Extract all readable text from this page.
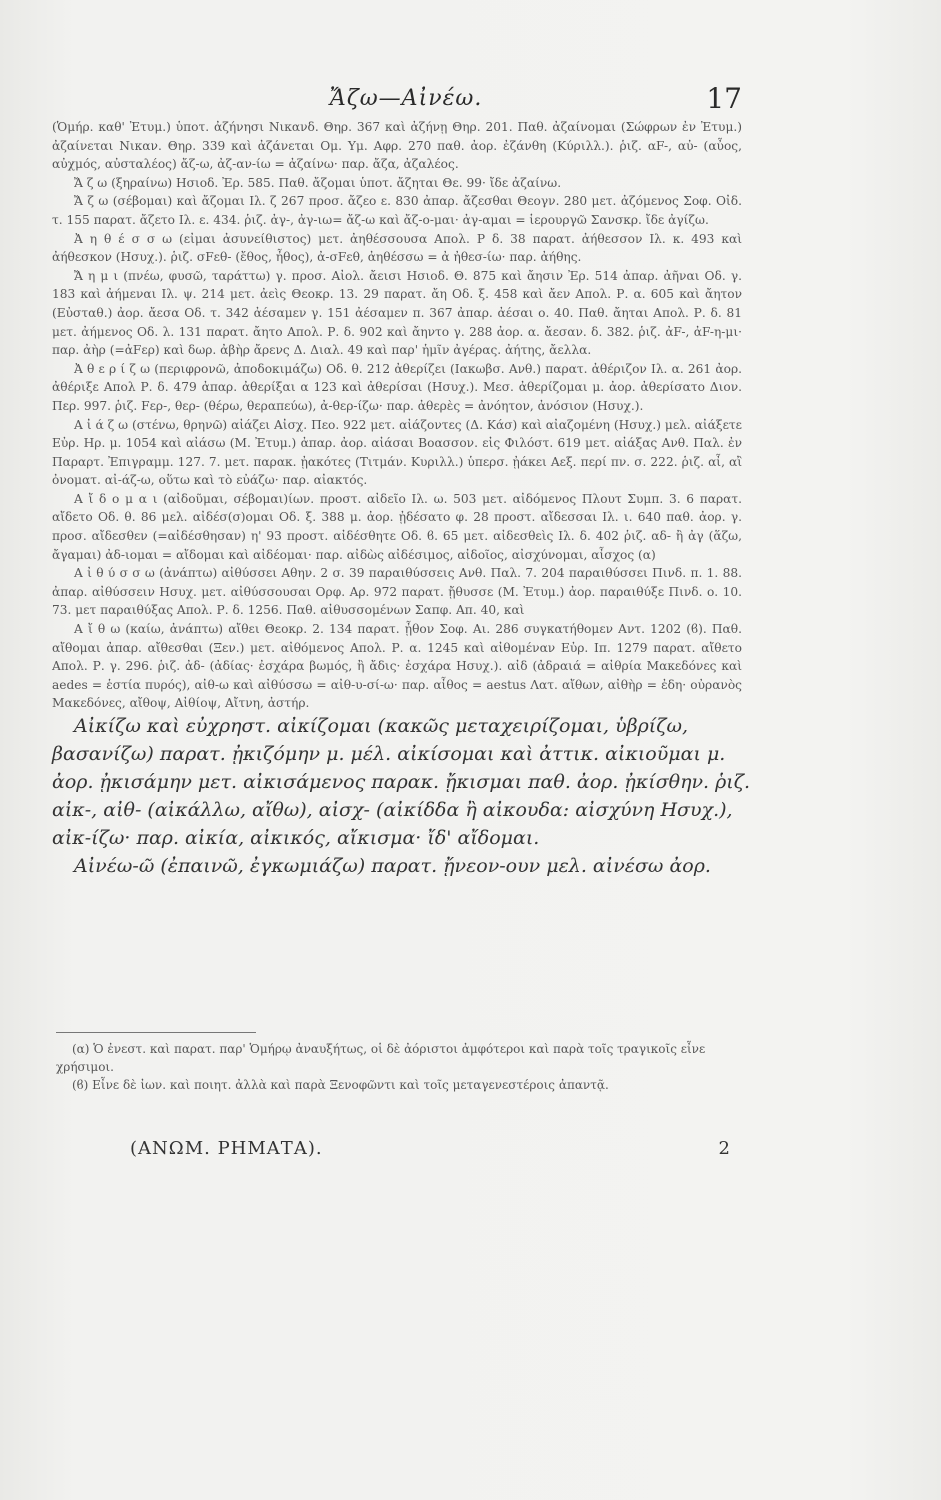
Ἄζω—Αἰνέω.	17

(Ὁμήρ. καθ' Ἐτυμ.) ὑποτ. ἀζήνησι Νικανδ. Θηρ. 367 καὶ ἀζήνῃ Θηρ. 201. Παθ. ἀζαίνομαι (Σώφρων ἐν Ἐτυμ.) ἀζαίνεται Νικαν. Θηρ. 339 καὶ ἀζάνεται Ομ. Υμ. Αφρ. 270 παθ. ἀορ. ἐζάνθη (Κύριλλ.). ῥιζ. αF-, αὐ- (αὖος, αὐχμός, αὐσταλέος) ἄζ-ω, ἀζ-αν-ίω = ἀζαίνω· παρ. ἄζα, ἀζαλέος.

Ἄ ζ ω (ξηραίνω) Ησιοδ. Ἐρ. 585. Παθ. ἄζομαι ὑποτ. ἄζηται Θε. 99· ἴδε ἀζαίνω.

Ἄ ζ ω (σέβομαι) καὶ ἄζομαι Ιλ. ζ 267 προσ. ἄζεο ε. 830 ἀπαρ. ἄζεσθαι Θεογν. 280 μετ. ἀζόμενος Σοφ. Οἰδ. τ. 155 παρατ. ἄζετο Ιλ. ε. 434. ῥιζ. ἀγ-, ἀγ-ιω= ἄζ-ω καὶ ἄζ-ο-μαι· ἀγ-αμαι = ἱερουργῶ Σανσκρ. ἴδε ἀγίζω.

Ἀ η θ έ σ σ ω (εἰμαι ἀσυνείθιστος) μετ. ἀηθέσσουσα Απολ. Ρ δ. 38 παρατ. ἀήθεσσον Ιλ. κ. 493 καὶ ἀήθεσκον (Ησυχ.). ῥιζ. σFεθ- (ἔθος, ἦθος), ἀ-σFεθ, ἀηθέσσω = ἀ ἠθεσ-ίω· παρ. ἀήθης.

Ἄ η μ ι (πνέω, φυσῶ, ταράττω) γ. προσ. Αἰολ. ἄεισι Ησιοδ. Θ. 875 καὶ ἄησιν Ἐρ. 514 ἀπαρ. ἀῆναι Οδ. γ. 183 καὶ ἀήμεναι Ιλ. ψ. 214 μετ. ἀεὶς Θεοκρ. 13. 29 παρατ. ἄη Οδ. ξ. 458 καὶ ἄεν Απολ. Ρ. α. 605 καὶ ἄητον (Εὐσταθ.) ἀορ. ἄεσα Οδ. τ. 342 ἀέσαμεν γ. 151 ἀέσαμεν π. 367 ἀπαρ. ἀέσαι ο. 40. Παθ. ἄηται Απολ. Ρ. δ. 81 μετ. ἀήμενος Οδ. λ. 131 παρατ. ἄητο Απολ. Ρ. δ. 902 καὶ ἄηντο γ. 288 ἀορ. α. ἄεσαν. δ. 382. ῥιζ. ἀF-, ἀF-η-μι· παρ. ἀὴρ (=ἀFερ) καὶ δωρ. ἀβὴρ ἄρενς Δ. Διαλ. 49 καὶ παρ' ἡμῖν ἀγέρας. ἀήτης, ἄελλα.

Ἀ θ ε ρ ί ζ ω (περιφρονῶ, ἀποδοκιμάζω) Οδ. θ. 212 ἀθερίζει (Ιακωβσ. Ανθ.) παρατ. ἀθέριζον Ιλ. α. 261 ἀορ. ἀθέριξε Απολ Ρ. δ. 479 ἀπαρ. ἀθερίξαι α 123 καὶ ἀθερίσαι (Ησυχ.). Μεσ. ἀθερίζομαι μ. ἀορ. ἀθερίσατο Διον. Περ. 997. ῥιζ. Fερ-, θερ- (θέρω, θεραπεύω), ἀ-θερ-ίζω· παρ. ἀθερὲς = ἀνόητον, ἀνόσιον (Ησυχ.).

Α ἰ ά ζ ω (στένω, θρηνῶ) αἰάζει Αἰσχ. Πεο. 922 μετ. αἰάζοντες (Δ. Κάσ) καὶ αἰαζομένη (Ησυχ.) μελ. αἰάξετε Εὐρ. Ηρ. μ. 1054 καὶ αἰάσω (Μ. Ἐτυμ.) ἀπαρ. ἀορ. αἰάσαι Βοασσον. εἰς Φιλόστ. 619 μετ. αἰάξας Ανθ. Παλ. ἐν Παραρτ. Ἐπιγραμμ. 127. 7. μετ. παρακ. ᾐακότες (Τιτμάν. Κυριλλ.) ὑπερσ. ᾐάκει Αεξ. περί πν. σ. 222. ῥιζ. αἶ, αἲ ὀνοματ. αἰ-άζ-ω, οὕτω καὶ τὸ εὐάζω· παρ. αἰακτός.

Α ἴ δ ο μ α ι (αἰδοῦμαι, σέβομαι)ίων. προστ. αἰδεῖο Ιλ. ω. 503 μετ. αἰδόμενος Πλουτ Συμπ. 3. 6 παρατ. αἴδετο Οδ. θ. 86 μελ. αἰδέσ(σ)ομαι Οδ. ξ. 388 μ. ἀορ. ᾐδέσατο φ. 28 προστ. αἴδεσσαι Ιλ. ι. 640 παθ. ἀορ. γ. προσ. αἴδεσθεν (=αἰδέσθησαν) η' 93 προστ. αἰδέσθητε Οδ. ϐ. 65 μετ. αἰδεσθεὶς Ιλ. δ. 402 ῥιζ. αδ- ἢ ἀγ (ἅζω, ἄγαμαι) ἀδ-ιομαι = αἴδομαι καὶ αἰδέομαι· παρ. αἰδὼς αἰδέσιμος, αἰδοῖος, αἰσχύνομαι, αἶσχος (α)

Α ἰ θ ύ σ σ ω (ἀνάπτω) αἰθύσσει Αθην. 2 σ. 39 παραιθύσσεις Ανθ. Παλ. 7. 204 παραιθύσσει Πινδ. π. 1. 88. ἀπαρ. αἰθύσσειν Ησυχ. μετ. αἰθύσσουσαι Ορφ. Αρ. 972 παρατ. ᾔθυσσε (Μ. Ἐτυμ.) ἀορ. παραιθύξε Πινδ. ο. 10. 73. μετ παραιθύξας Απολ. Ρ. δ. 1256. Παθ. αἰθυσσομένων Σαπφ. Απ. 40, καὶ

Α ἴ θ ω (καίω, ἀνάπτω) αἴθει Θεοκρ. 2. 134 παρατ. ᾖθον Σοφ. Αι. 286 συγκατήθομεν Αντ. 1202 (ϐ). Παθ. αἴθομαι ἀπαρ. αἴθεσθαι (Ξεν.) μετ. αἰθόμενος Απολ. Ρ. α. 1245 καὶ αἰθομέναν Εὐρ. Ιπ. 1279 παρατ. αἴθετο Απολ. Ρ. γ. 296. ῥιζ. ἀδ- (ἀδίας· ἐσχάρα βωμός, ἢ ἄδις· ἐσχάρα Ησυχ.). αἰδ (ἀδραιά = αἰθρία Μακεδόνες καὶ aedes = ἑστία πυρός), αἰθ-ω καὶ αἰθύσσω = αἰθ-υ-σί-ω· παρ. αἶθος = aestus Λατ. αἴθων, αἰθὴρ = ἐδη· οὐρανὸς Μακεδόνες, αἴθοψ, Αἰθίοψ, Αἴτνη, ἀστήρ.

Αἰκίζω καὶ εὐχρηστ. αἰκίζομαι (κακῶς μεταχειρίζομαι, ὑβρίζω, βασανίζω) παρατ. ᾐκιζόμην μ. μέλ. αἰκίσομαι καὶ ἀττικ. αἰκιοῦμαι μ. ἀορ. ᾐκισάμην μετ. αἰκισάμενος παρακ. ᾔκισμαι παθ. ἀορ. ᾐκίσθην. ῥιζ. αἰκ-, αἰθ- (αἰκάλλω, αἴθω), αἰσχ- (αἰκίδδα ἢ αἰκουδα: αἰσχύνη Ησυχ.), αἰκ-ίζω· παρ. αἰκία, αἰκικός, αἴκισμα· ἴδ' αἴδομαι.

Αἰνέω-ῶ (ἐπαινῶ, ἐγκωμιάζω) παρατ. ᾔνεον-ουν μελ. αἰνέσω ἀορ.

(α) Ὁ ἐνεστ. καὶ παρατ. παρ' Ὁμήρῳ ἀναυξήτως, οἱ δὲ ἀόριστοι ἀμφότεροι καὶ παρὰ τοῖς τραγικοῖς εἶνε χρήσιμοι.

(ϐ) Εἶνε δὲ ἰων. καὶ ποιητ. ἀλλὰ καὶ παρὰ Ξενοφῶντι καὶ τοῖς μεταγενεστέροις ἀπαντᾷ.

(ΑΝΩΜ. ΡΗΜΑΤΑ).	2
